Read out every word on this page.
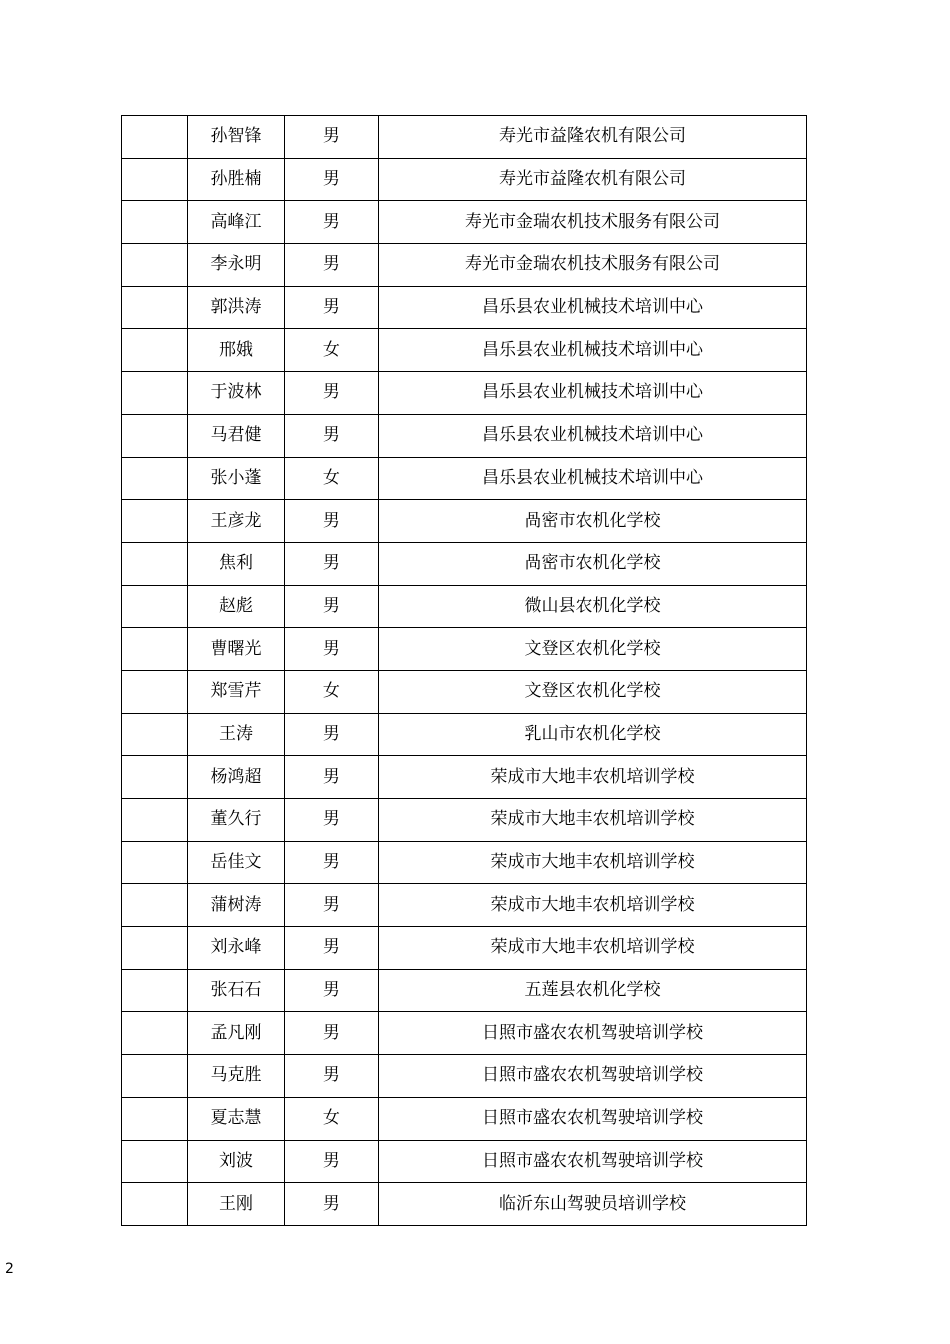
	孙智锋	男	寿光市益隆农机有限公司
	孙胜楠	男	寿光市益隆农机有限公司
	高峰江	男	寿光市金瑞农机技术服务有限公司
	李永明	男	寿光市金瑞农机技术服务有限公司
	郭洪涛	男	昌乐县农业机械技术培训中心
	邢娥	女	昌乐县农业机械技术培训中心
	于波林	男	昌乐县农业机械技术培训中心
	马君健	男	昌乐县农业机械技术培训中心
	张小蓬	女	昌乐县农业机械技术培训中心
	王彦龙	男	咼密市农机化学校
	焦利	男	咼密市农机化学校
	赵彪	男	微山县农机化学校
	曹曙光	男	文登区农机化学校
	郑雪芹	女	文登区农机化学校
	王涛	男	乳山市农机化学校
	杨鸿超	男	荣成市大地丰农机培训学校
	董久行	男	荣成市大地丰农机培训学校
	岳佳文	男	荣成市大地丰农机培训学校
	蒲树涛	男	荣成市大地丰农机培训学校
	刘永峰	男	荣成市大地丰农机培训学校
	张石石	男	五莲县农机化学校
	孟凡刚	男	日照市盛农农机驾驶培训学校
	马克胜	男	日照市盛农农机驾驶培训学校
	夏志慧	女	日照市盛农农机驾驶培训学校
	刘波	男	日照市盛农农机驾驶培训学校
	王刚	男	临沂东山驾驶员培训学校
2
